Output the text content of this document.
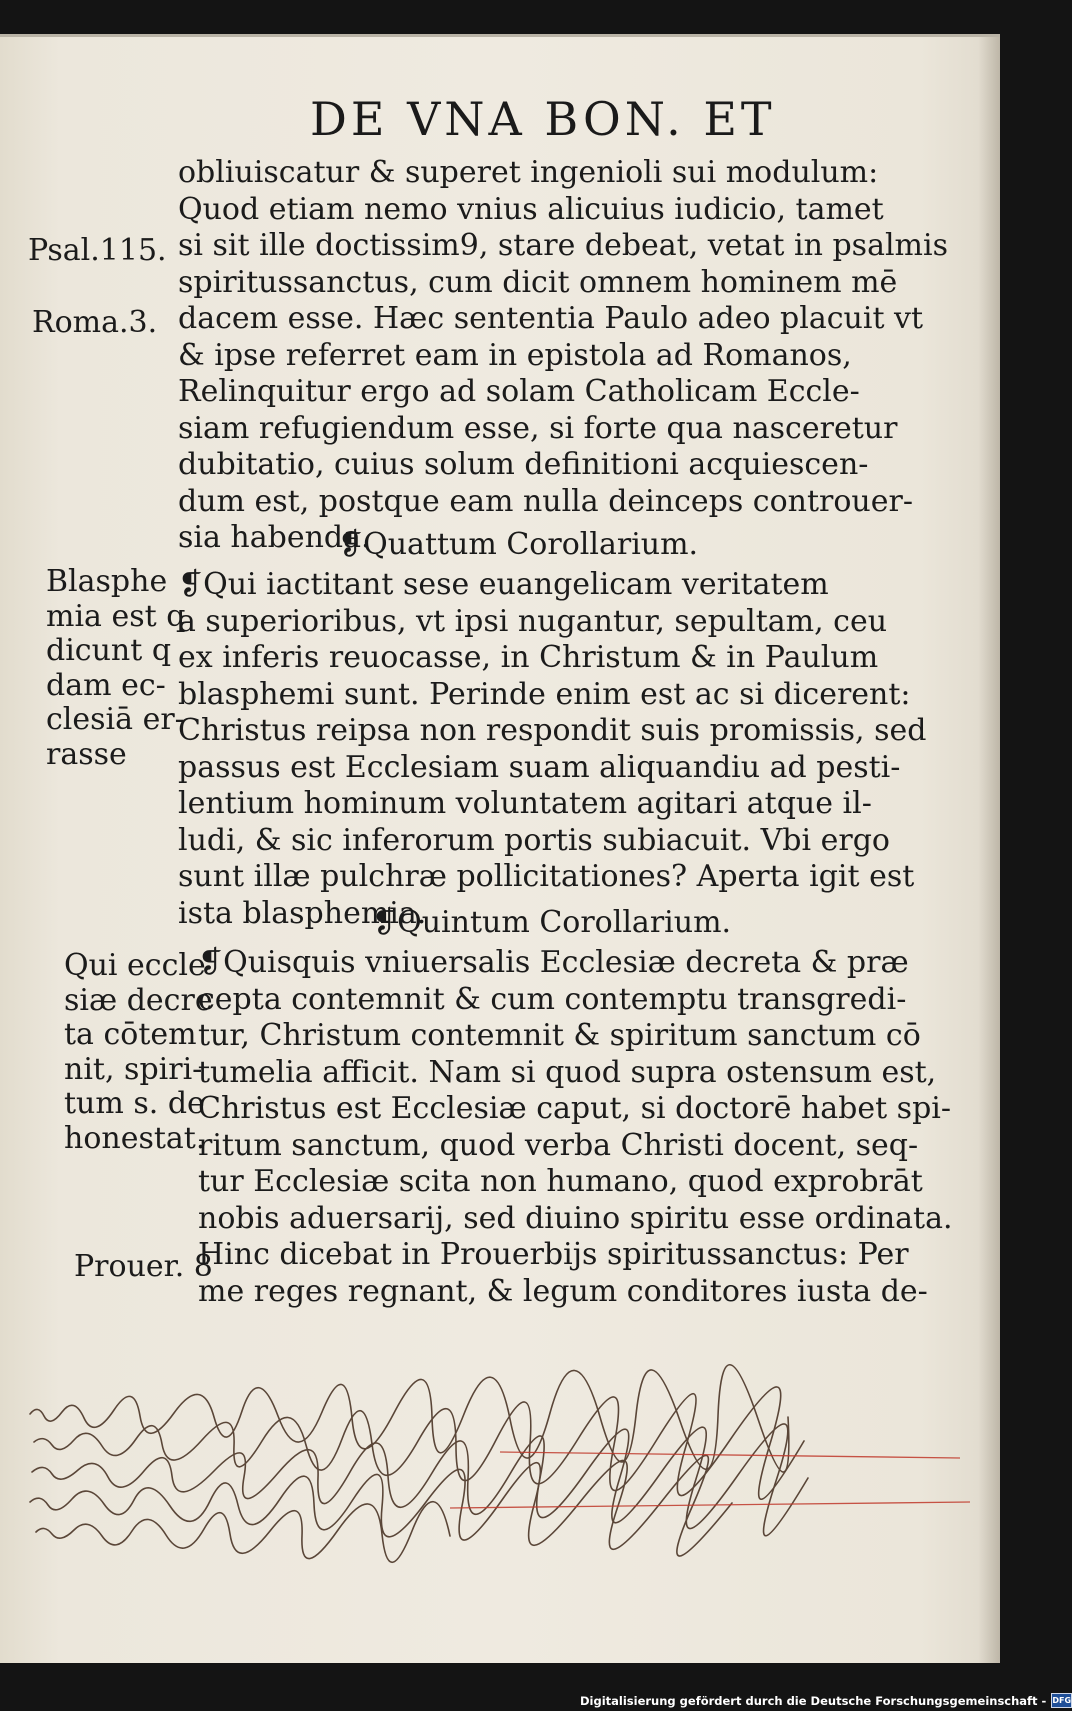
DE VNA BON. ET
obliuiscatur & superet ingenioli sui modulum:
Quod etiam nemo vnius alicuius iudicio, tamet
si sit ille doctissim9, stare debeat, vetat in psalmis
spiritussanctus, cum dicit omnem hominem mē
dacem esse. Hæc sententia Paulo adeo placuit vt
& ipse referret eam in epistola ad Romanos,
Relinquitur ergo ad solam Catholicam Eccle-
siam refugiendum esse, si forte qua nasceretur
dubitatio, cuius solum definitioni acquiescen-
dum est, postque eam nulla deinceps controuer-
sia habenda.
❡Quattum Corollarium.
❡Qui iactitant sese euangelicam veritatem
a superioribus, vt ipsi nugantur, sepultam, ceu
ex inferis reuocasse, in Christum & in Paulum
blasphemi sunt. Perinde enim est ac si dicerent:
Christus reipsa non respondit suis promissis, sed
passus est Ecclesiam suam aliquandiu ad pesti-
lentium hominum voluntatem agitari atque il-
ludi, & sic inferorum portis subiacuit. Vbi ergo
sunt illæ pulchræ pollicitationes? Aperta igit est
ista blasphemia.
❡Quintum Corollarium.
❡Quisquis vniuersalis Ecclesiæ decreta & præ
cepta contemnit & cum contemptu transgredi-
tur, Christum contemnit & spiritum sanctum cō
tumelia afficit. Nam si quod supra ostensum est,
Christus est Ecclesiæ caput, si doctorē habet spi-
ritum sanctum, quod verba Christi docent, seq-
tur Ecclesiæ scita non humano, quod exprobrāt
nobis aduersarij, sed diuino spiritu esse ordinata.
Hinc dicebat in Prouerbijs spiritussanctus: Per
me reges regnant, & legum conditores iusta de-
Psal.115.
Roma.3.
Blasphe
mia est q
dicunt q
dam ec-
clesiā er-
rasse
Qui eccle
siæ decre
ta cōtem
nit, spiri-
tum s. de
honestat.
Prouer. 8
Digitalisierung gefördert durch die Deutsche Forschungsgemeinschaft - DFG
